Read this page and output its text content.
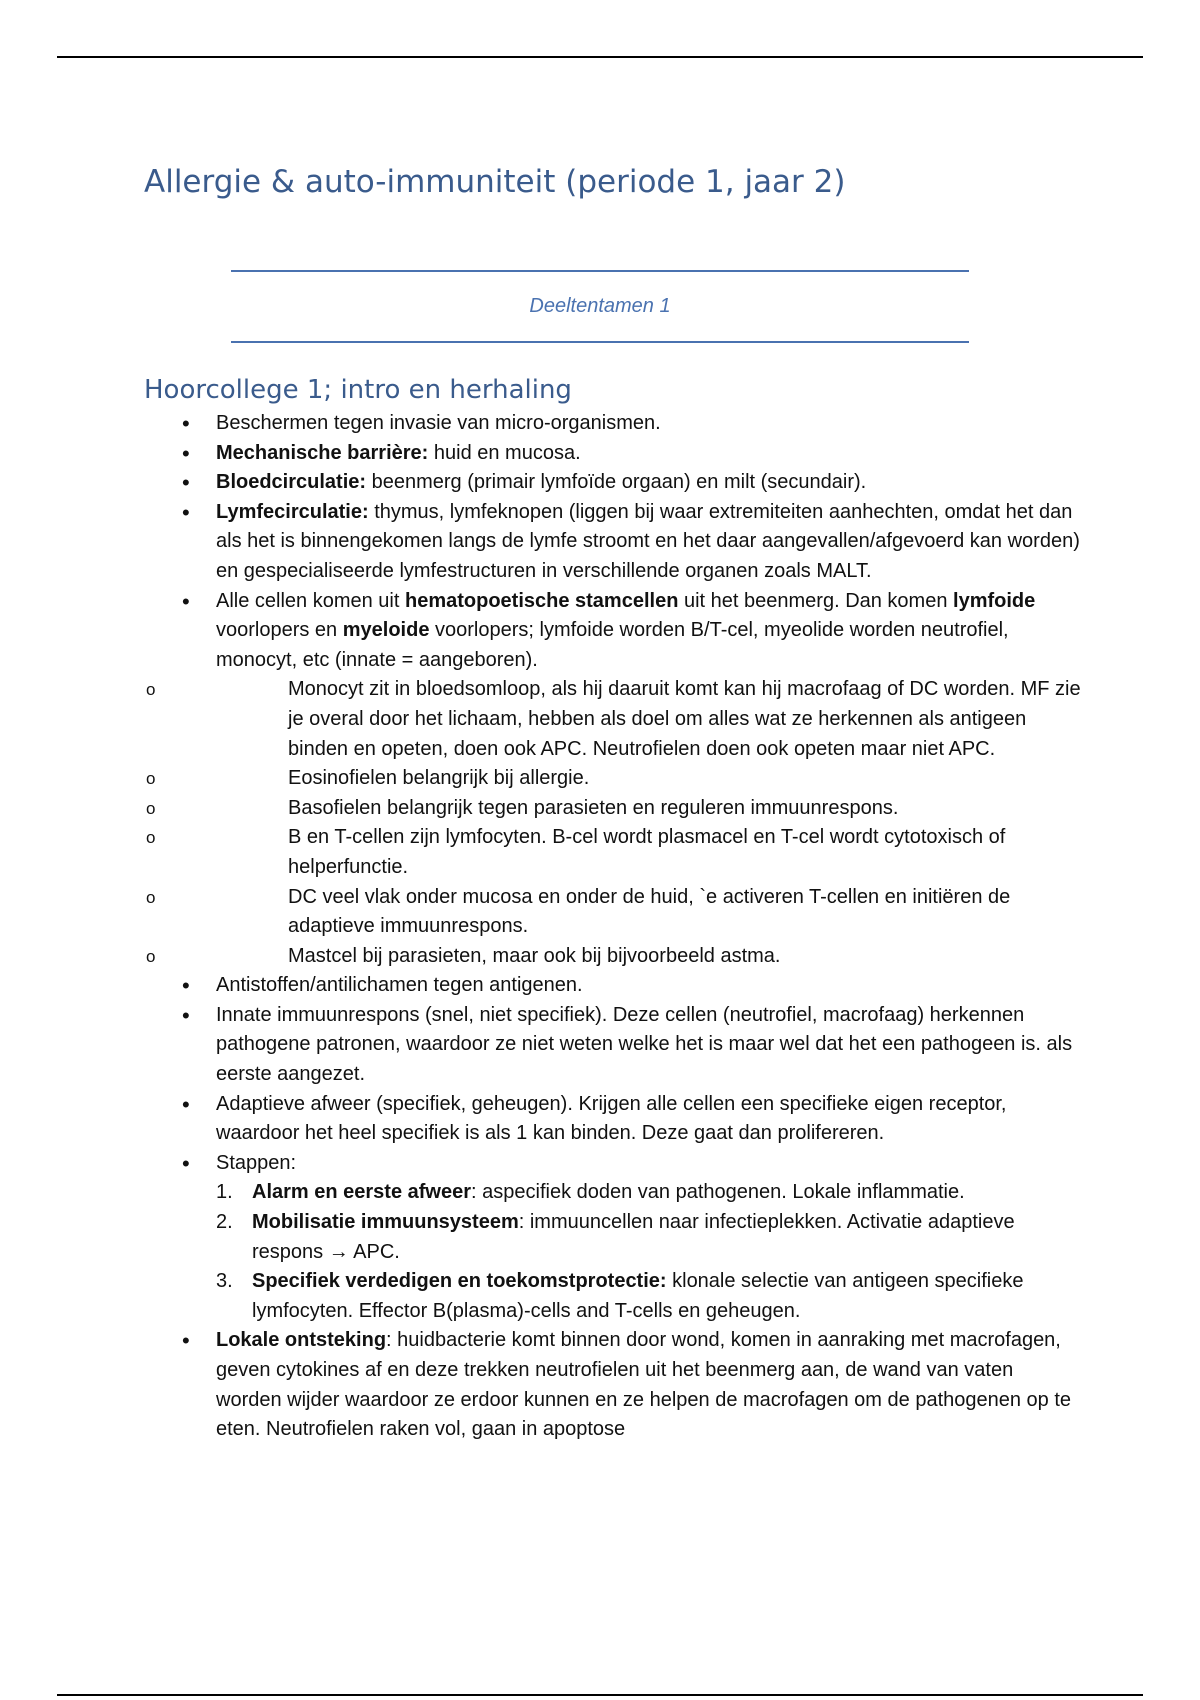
Allergie & auto-immuniteit (periode 1, jaar 2)

Deeltentamen 1

Hoorcollege 1; intro en herhaling
• Beschermen tegen invasie van micro-organismen.
• Mechanische barrière: huid en mucosa.
• Bloedcirculatie: beenmerg (primair lymfoïde orgaan) en milt (secundair).
• Lymfecirculatie: thymus, lymfeknopen (liggen bij waar extremiteiten aanhechten, omdat het dan als het is binnengekomen langs de lymfe stroomt en het daar aangevallen/afgevoerd kan worden) en gespecialiseerde lymfestructuren in verschillende organen zoals MALT.
• Alle cellen komen uit hematopoetische stamcellen uit het beenmerg. Dan komen lymfoide voorlopers en myeloide voorlopers; lymfoide worden B/T-cel, myeolide worden neutrofiel, monocyt, etc (innate = aangeboren).
o Monocyt zit in bloedsomloop, als hij daaruit komt kan hij macrofaag of DC worden. MF zie je overal door het lichaam, hebben als doel om alles wat ze herkennen als antigeen binden en opeten, doen ook APC. Neutrofielen doen ook opeten maar niet APC.
o Eosinofielen belangrijk bij allergie.
o Basofielen belangrijk tegen parasieten en reguleren immuunrespons.
o B en T-cellen zijn lymfocyten. B-cel wordt plasmacel en T-cel wordt cytotoxisch of helperfunctie.
o DC veel vlak onder mucosa en onder de huid, `e activeren T-cellen en initiëren de adaptieve immuunrespons.
o Mastcel bij parasieten, maar ook bij bijvoorbeeld astma.
• Antistoffen/antilichamen tegen antigenen.
• Innate immuunrespons (snel, niet specifiek). Deze cellen (neutrofiel, macrofaag) herkennen pathogene patronen, waardoor ze niet weten welke het is maar wel dat het een pathogeen is. als eerste aangezet.
• Adaptieve afweer (specifiek, geheugen). Krijgen alle cellen een specifieke eigen receptor, waardoor het heel specifiek is als 1 kan binden. Deze gaat dan prolifereren.
• Stappen:
1. Alarm en eerste afweer: aspecifiek doden van pathogenen. Lokale inflammatie.
2. Mobilisatie immuunsysteem: immuuncellen naar infectieplekken. Activatie adaptieve respons → APC.
3. Specifiek verdedigen en toekomstprotectie: klonale selectie van antigeen specifieke lymfocyten. Effector B(plasma)-cells and T-cells en geheugen.
• Lokale ontsteking: huidbacterie komt binnen door wond, komen in aanraking met macrofagen, geven cytokines af en deze trekken neutrofielen uit het beenmerg aan, de wand van vaten worden wijder waardoor ze erdoor kunnen en ze helpen de macrofagen om de pathogenen op te eten. Neutrofielen raken vol, gaan in apoptose
